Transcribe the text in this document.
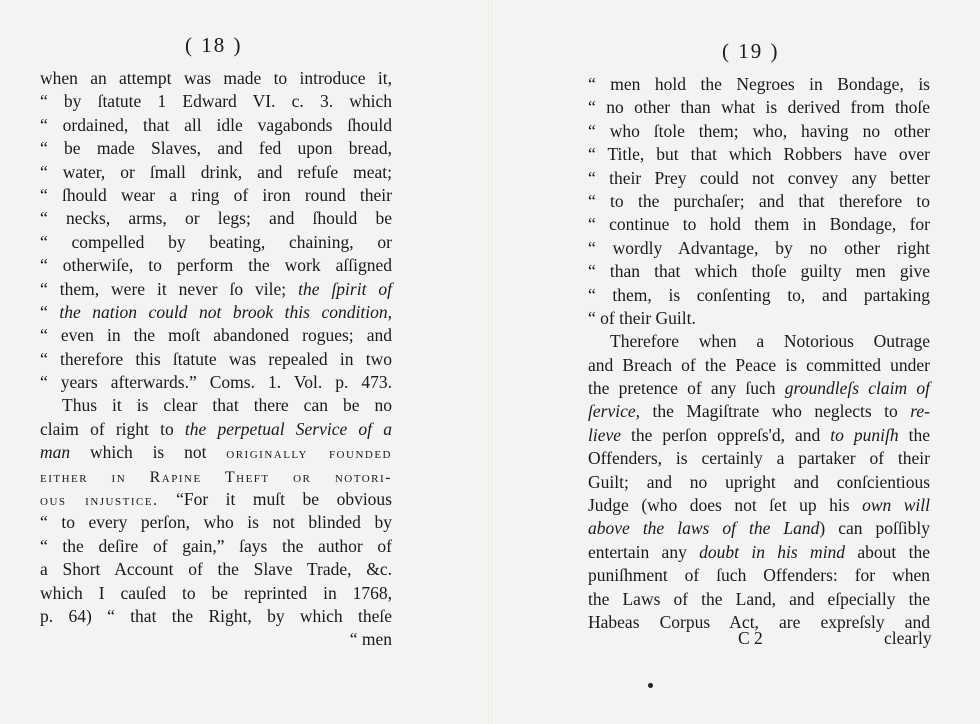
( 18 )
when an attempt was made to introduce it,
“ by ſtatute 1 Edward VI. c. 3. which
“ ordained, that all idle vagabonds ſhould
“ be made Slaves, and fed upon bread,
“ water, or ſmall drink, and refuſe meat;
“ ſhould wear a ring of iron round their
“ necks, arms, or legs; and ſhould be
“ compelled by beating, chaining, or
“ otherwiſe, to perform the work aſſigned
“ them, were it never ſo vile; the ſpirit of
“ the nation could not brook this condition,
“ even in the moſt abandoned rogues; and
“ therefore this ſtatute was repealed in two
“ years afterwards.” Coms. 1. Vol. p. 473.
Thus it is clear that there can be no
claim of right to the perpetual Service of a
man which is not originally founded
either in Rapine Theft or notori-
ous injustice. “For it muſt be obvious
“ to every perſon, who is not blinded by
“ the deſire of gain,” ſays the author of
a Short Account of the Slave Trade, &c.
which I cauſed to be reprinted in 1768,
p. 64) “ that the Right, by which theſe
“ men
( 19 )
“ men hold the Negroes in Bondage, is
“ no other than what is derived from thoſe
“ who ſtole them; who, having no other
“ Title, but that which Robbers have over
“ their Prey could not convey any better
“ to the purchaſer; and that therefore to
“ continue to hold them in Bondage, for
“ wordly Advantage, by no other right
“ than that which thoſe guilty men give
“ them, is conſenting to, and partaking
“ of their Guilt.
Therefore when a Notorious Outrage
and Breach of the Peace is committed under
the pretence of any ſuch groundleſs claim of
ſervice, the Magiſtrate who neglects to re-
lieve the perſon oppreſs'd, and to puniſh the
Offenders, is certainly a partaker of their
Guilt; and no upright and conſcientious
Judge (who does not ſet up his own will
above the laws of the Land) can poſſibly
entertain any doubt in his mind about the
puniſhment of ſuch Offenders: for when
the Laws of the Land, and eſpecially the
Habeas Corpus Act, are expreſsly and
C 2	clearly
